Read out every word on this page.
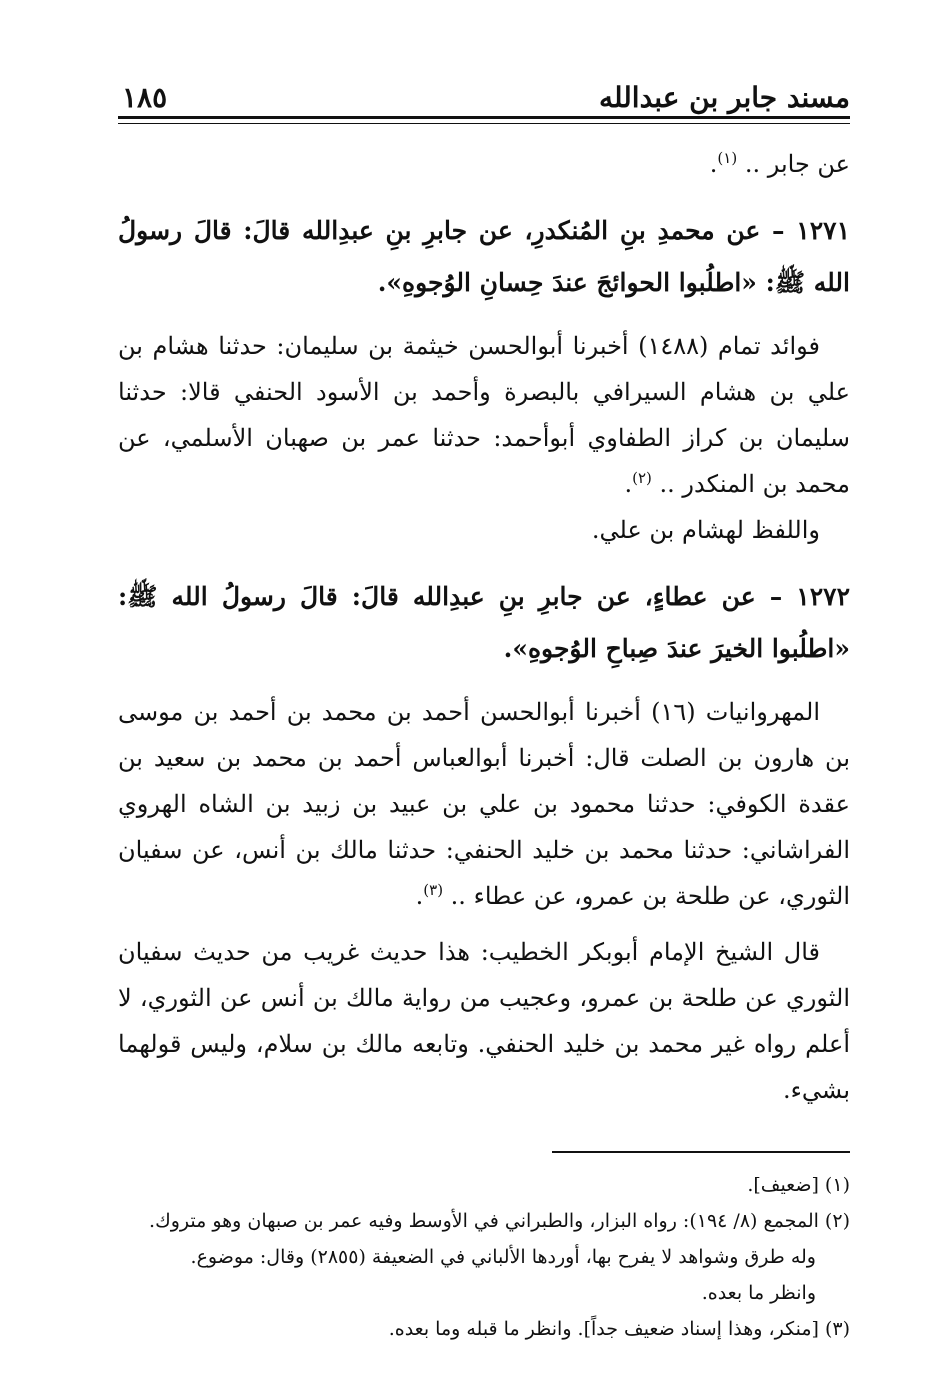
مسند جابر بن عبدالله
١٨٥

عن جابر .. $^{(١)}$.

١٢٧١ – عن محمدِ بنِ المُنكدرِ، عن جابرِ بنِ عبدِالله قالَ: قالَ رسولُ الله ﷺ: «اطلُبوا الحوائجَ عندَ حِسانِ الوُجوهِ».

فوائد تمام (١٤٨٨) أخبرنا أبوالحسن خيثمة بن سليمان: حدثنا هشام بن علي بن هشام السيرافي بالبصرة وأحمد بن الأسود الحنفي قالا: حدثنا سليمان بن كراز الطفاوي أبوأحمد: حدثنا عمر بن صهبان الأسلمي، عن محمد بن المنكدر .. $^{(٢)}$.

واللفظ لهشام بن علي.

١٢٧٢ – عن عطاءٍ، عن جابرِ بنِ عبدِالله قالَ: قالَ رسولُ الله ﷺ: «اطلُبوا الخيرَ عندَ صِباحِ الوُجوهِ».

المهروانيات (١٦) أخبرنا أبوالحسن أحمد بن محمد بن أحمد بن موسى بن هارون بن الصلت قال: أخبرنا أبوالعباس أحمد بن محمد بن سعيد بن عقدة الكوفي: حدثنا محمود بن علي بن عبيد بن زبيد بن الشاه الهروي الفراشاني: حدثنا محمد بن خليد الحنفي: حدثنا مالك بن أنس، عن سفيان الثوري، عن طلحة بن عمرو، عن عطاء .. $^{(٣)}$.

قال الشيخ الإمام أبوبكر الخطيب: هذا حديث غريب من حديث سفيان الثوري عن طلحة بن عمرو، وعجيب من رواية مالك بن أنس عن الثوري، لا أعلم رواه غير محمد بن خليد الحنفي. وتابعه مالك بن سلام، وليس قولهما بشيء.

(١) [ضعيف].

(٢) المجمع (٨/ ١٩٤): رواه البزار، والطبراني في الأوسط وفيه عمر بن صبهان وهو متروك.

وله طرق وشواهد لا يفرح بها، أوردها الألباني في الضعيفة (٢٨٥٥) وقال: موضوع.

وانظر ما بعده.

(٣) [منكر، وهذا إسناد ضعيف جداً]. وانظر ما قبله وما بعده.
